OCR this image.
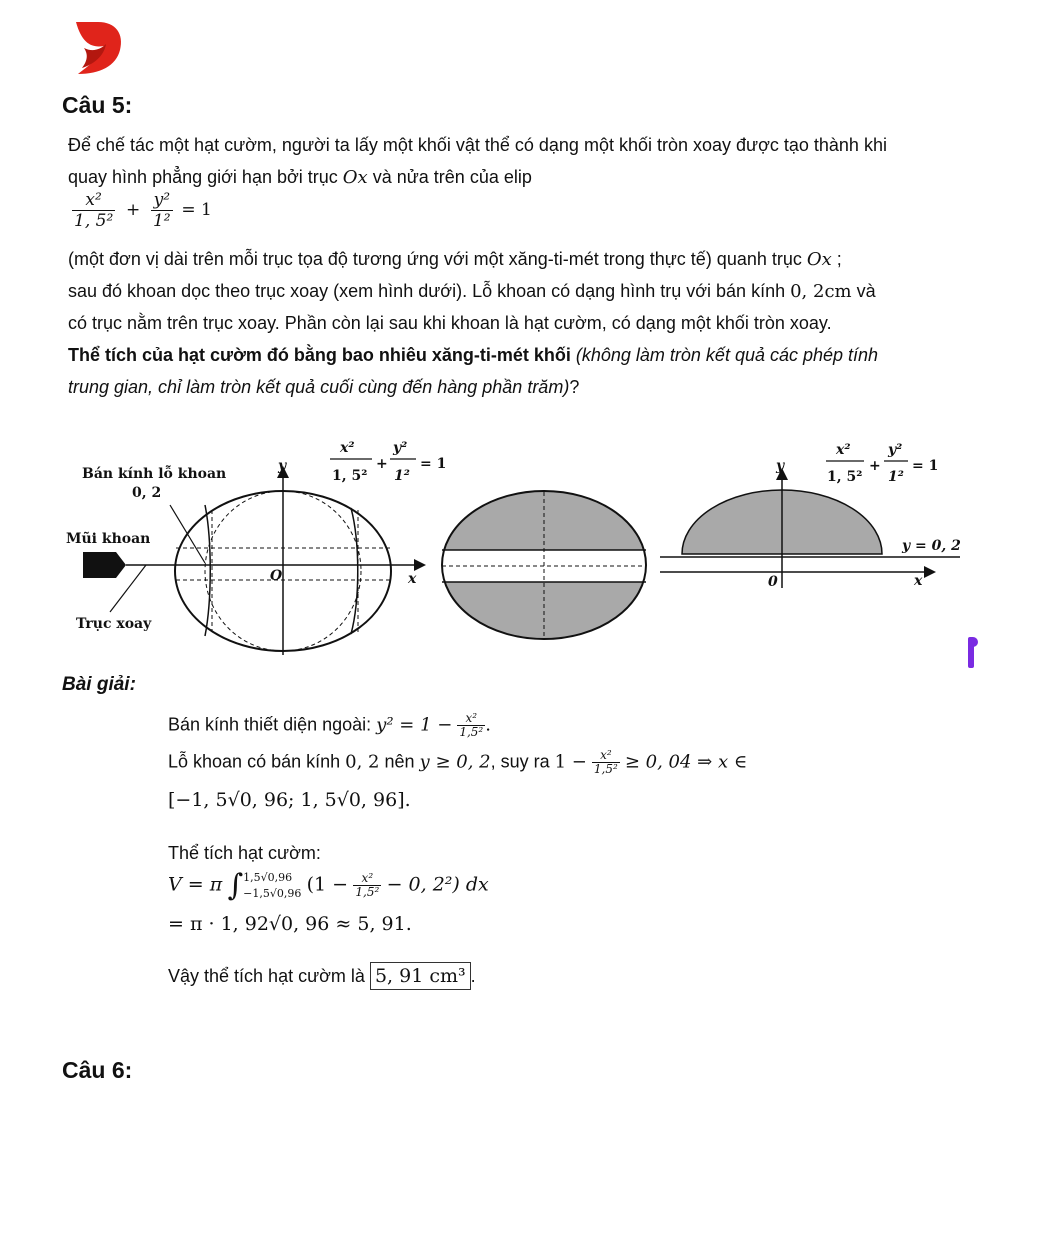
Câu 5:
Để chế tác một hạt cườm, người ta lấy một khối vật thể có dạng một khối tròn xoay được tạo thành khi
quay hình phẳng giới hạn bởi trục Ox và nửa trên của elip
$\frac{\text{x²}}{\text{1, 5²}} + \frac{\text{y²}}{\text{1²}} = 1$
(một đơn vị dài trên mỗi trục tọa độ tương ứng với một xăng-ti-mét trong thực tế) quanh trục Ox ;
sau đó khoan dọc theo trục xoay (xem hình dưới). Lỗ khoan có dạng hình trụ với bán kính 0, 2cm và
có trục nằm trên trục xoay. Phần còn lại sau khi khoan là hạt cườm, có dạng một khối tròn xoay.
Thể tích của hạt cườm đó bằng bao nhiêu xăng-ti-mét khối (không làm tròn kết quả các phép tính
trung gian, chỉ làm tròn kết quả cuối cùng đến hàng phần trăm)?
Bán kính lỗ khoan
0, 2
Mũi khoan
Trục xoay
y
x
O
x²
1, 5²
+
y²
1²
= 1	y
x
0
y = 0, 2
x²
1, 5²
+
y²
1²
= 1
Bài giải:
Bán kính thiết diện ngoài: $y^2 = 1 - \frac{\text{x²}}{\text{1,5²}}$ .
Lỗ khoan có bán kính 0, 2 nên y ≥ 0, 2, suy ra $1 - \frac{\text{x²}}{\text{1,5²}} \ge 0$, 04 ⇒ x ∈
[−1, 5√0, 96; 1, 5√0, 96].
Thể tích hạt cườm:
V = π ∫ 1,5√0,96
−1,5√0,96 ($1 - \frac{\text{x²}}{\text{1,5²}} - 0$, 2²) dx
= π · 1, 92√0, 96 ≈ 5, 91.
Vậy thể tích hạt cườm là 5, 91 cm³ .
Câu 6:
